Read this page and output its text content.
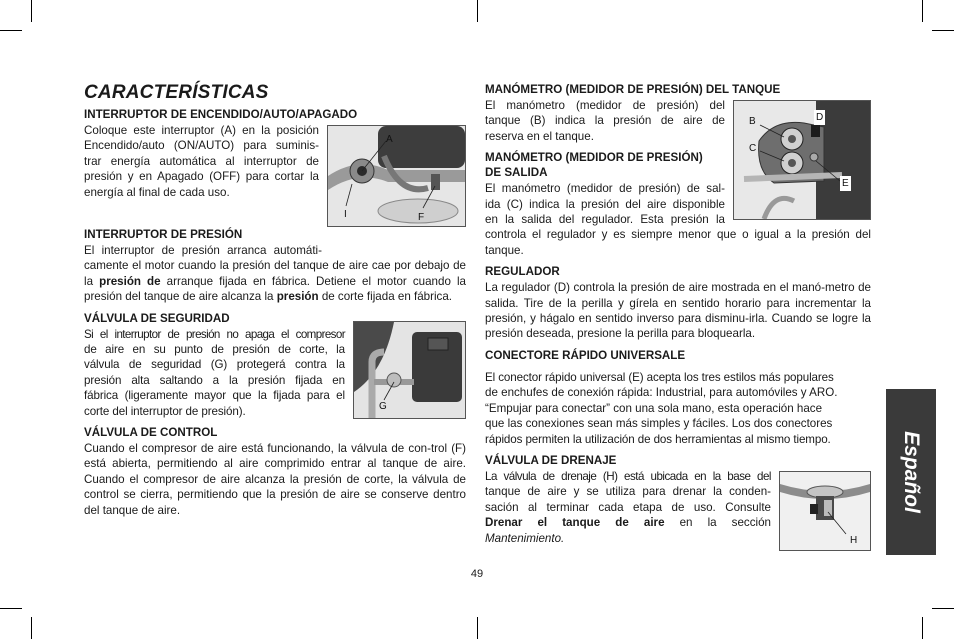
CARACTERÍSTICAS
INTERRUPTOR DE ENCENDIDO/AUTO/APAGADO

Coloque este interruptor (A) en la posición

Encendido/auto (ON/AUTO) para suminis-

trar energía automática al interruptor de

presión y en Apagado (OFF) para cortar la

energía al final de cada uso.

A
I	F
INTERRUPTOR DE PRESIÓN

El interruptor de presión arranca automáti-

camente el motor cuando la presión del tanque de aire cae por debajo de la presión de arranque fijada en fábrica. Detiene el motor cuando la presión del tanque de aire alcanza la presión de corte fijada en fábrica.

VÁLVULA DE SEGURIDAD

Si el interruptor de presión no apaga el compresor

de aire en su punto de presión de corte, la

válvula de seguridad (G) protegerá contra la

presión alta saltando a la presión fijada en

fábrica (ligeramente mayor que la fijada para el

corte del interruptor de presión).	G
VÁLVULA DE CONTROL

Cuando el compresor de aire está funcionando, la válvula de con-trol (F) está abierta, permitiendo al aire comprimido entrar al tanque de aire. Cuando el compresor de aire alcanza la presión de corte, la válvula de control se cierra, permitiendo que la presión de aire se conserve dentro del tanque de aire.

MANÓMETRO (MEDIDOR DE PRESIÓN) DEL TANQUE

El manómetro (medidor de presión) del

tanque (B) indica la presión de aire de

reserva en el tanque.

MANÓMETRO (MEDIDOR DE PRESIÓN)
DE SALIDA

El manómetro (medidor de presión) de sal-

ida (C) indica la presión del aire disponible

en la salida del regulador. Esta presión la

B
C
D
E

controla el regulador y es siempre menor que o igual a la presión del tanque.

REGULADOR

La regulador (D) controla la presión de aire mostrada en el manó-metro de salida. Tire de la perilla y gírela en sentido horario para incrementar la presión, y hágalo en sentido inverso para disminu-irla. Cuando se logre la presión deseada, presione la perilla para bloquearla.

CONECTORE RÁPIDO UNIVERSALE

El conector rápido universal (E) acepta los tres estilos más populares

de enchufes de conexión rápida: Industrial, para automóviles y ARO.

“Empujar para conectar” con una sola mano, esta operación hace

que las conexiones sean más simples y fáciles. Los dos conectores

rápidos permiten la utilización de dos herramientas al mismo tiempo.

VÁLVULA DE DRENAJE

La válvula de drenaje (H) está ubicada en la base del

tanque de aire y se utiliza para drenar la conden-

sación al terminar cada etapa de uso. Consulte

Drenar el tanque de aire en la sección

Mantenimiento.	H
Español
49
